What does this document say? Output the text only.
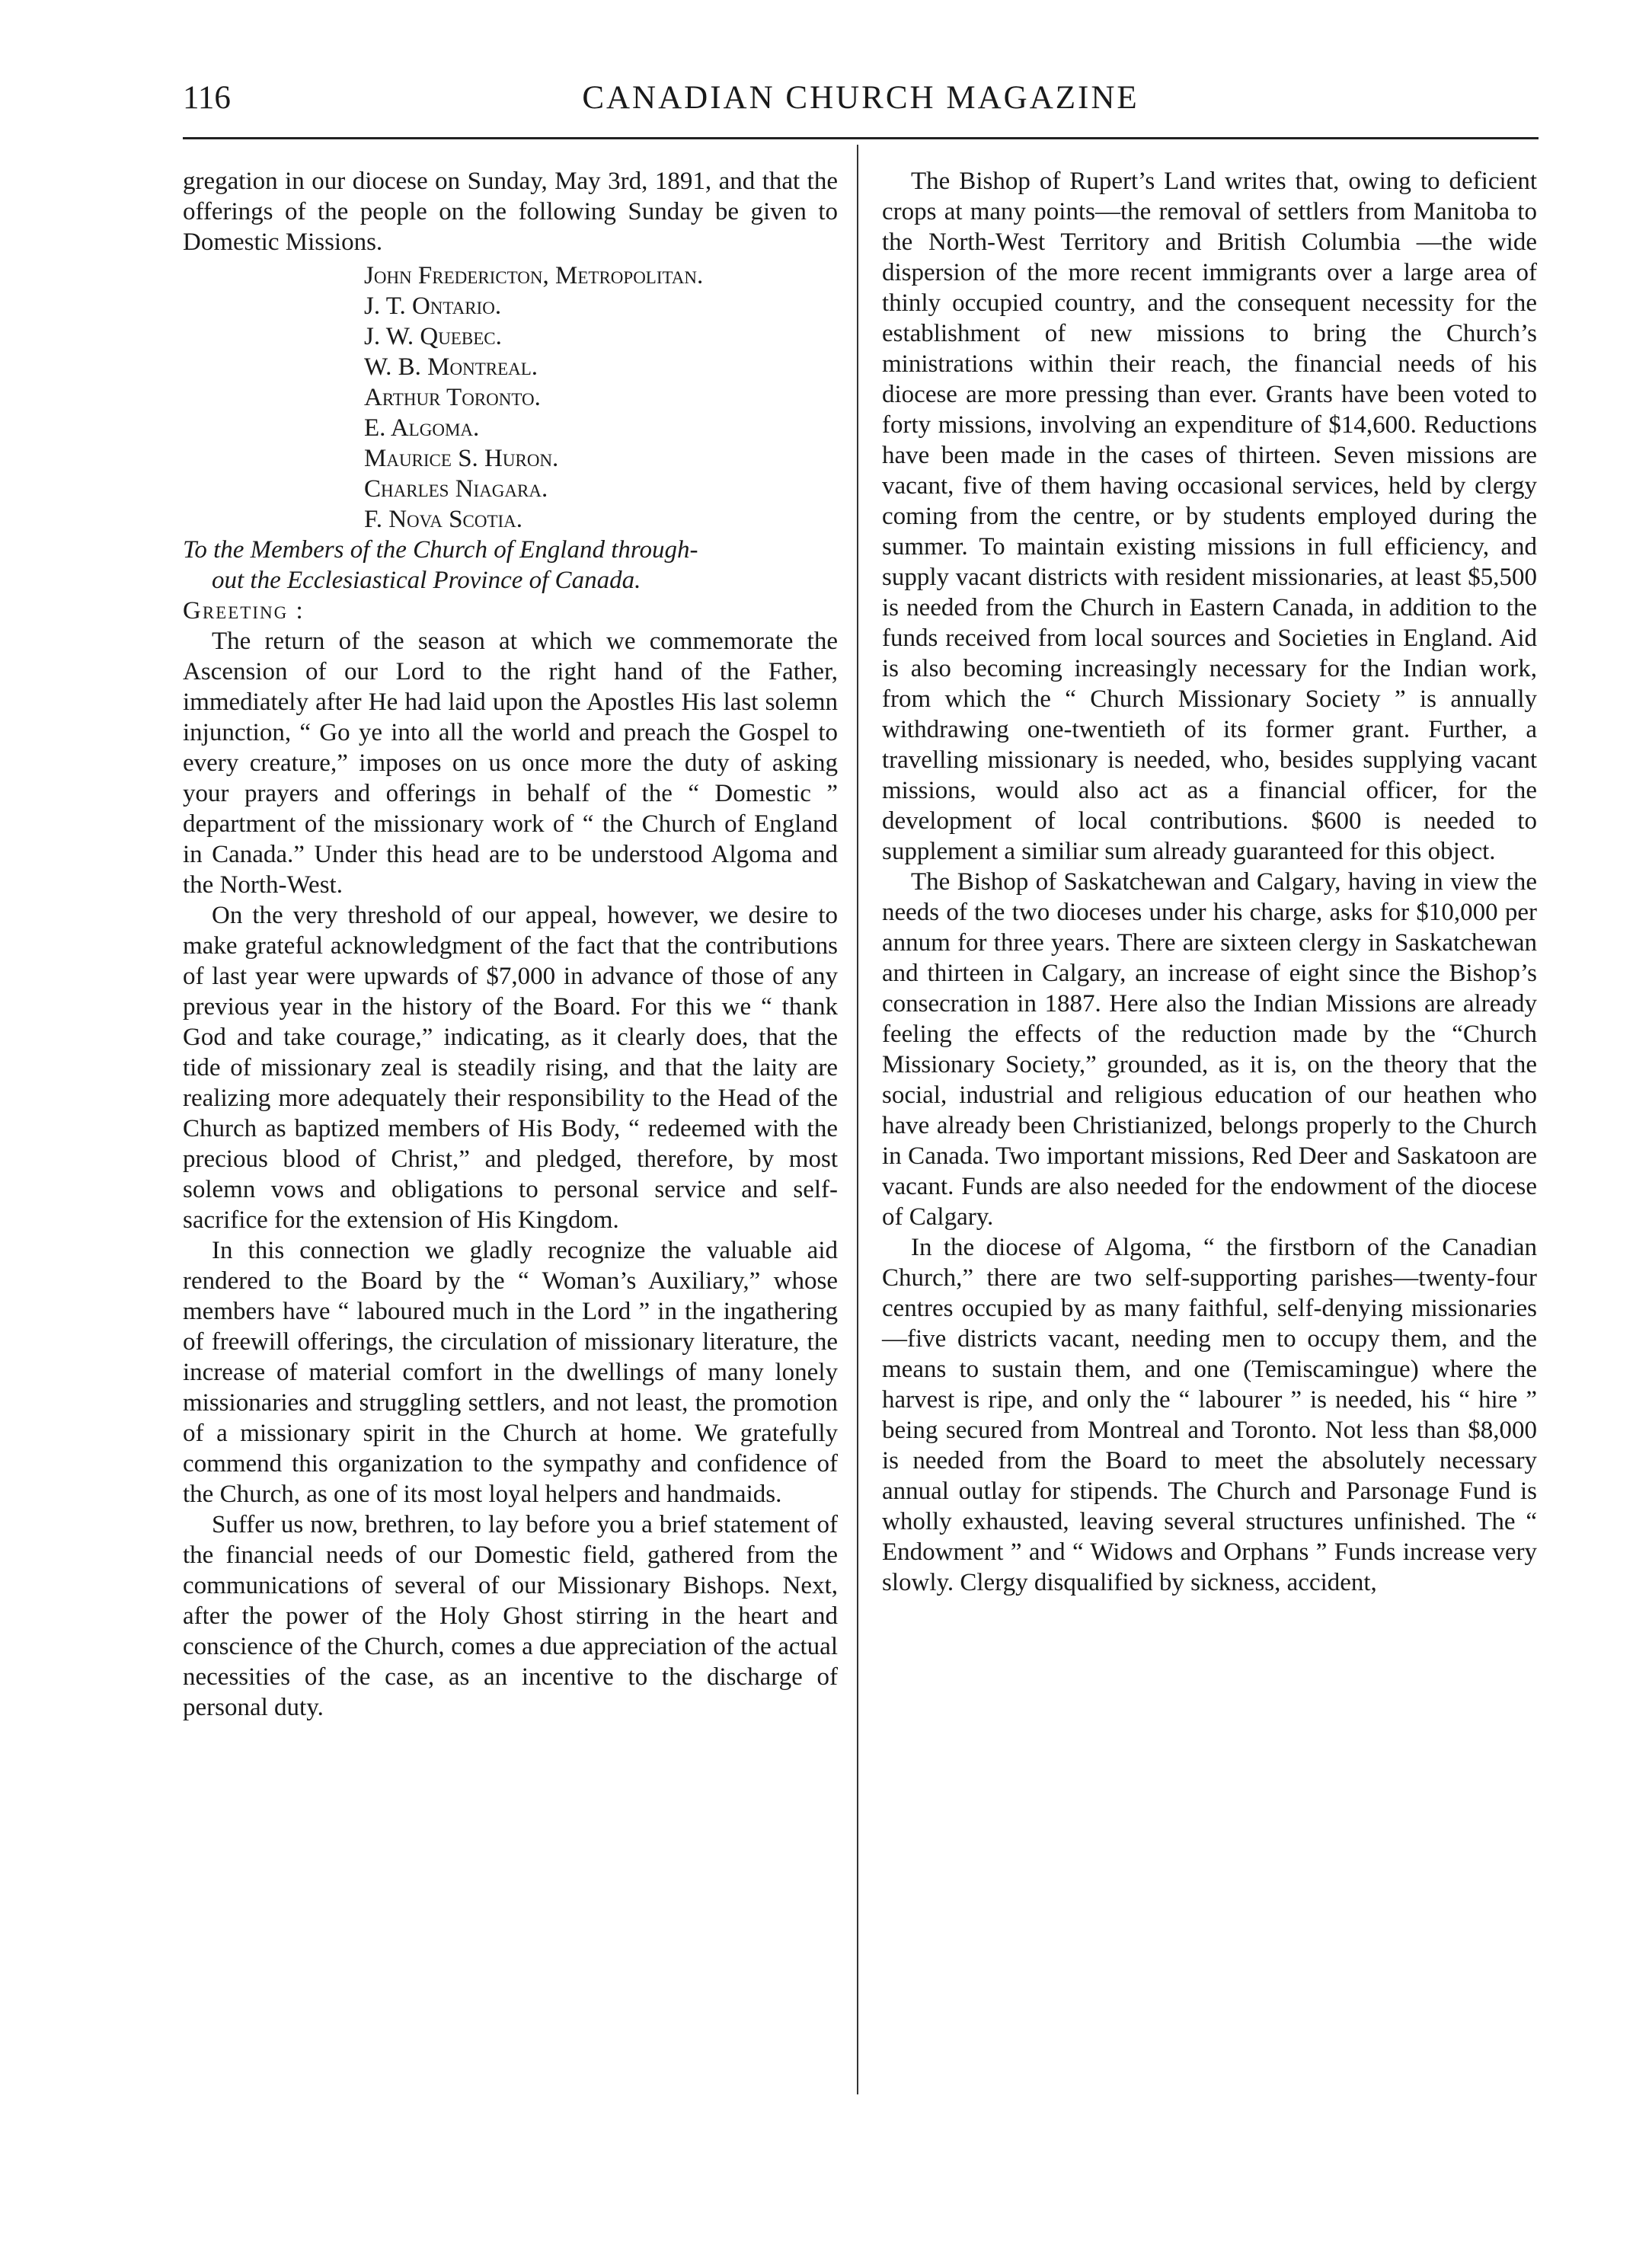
116	CANADIAN CHURCH MAGAZINE

gregation in our diocese on Sunday, May 3rd, 1891, and that the offerings of the people on the following Sunday be given to Domestic Missions.

John Fredericton, Metropolitan.
J. T. Ontario.
J. W. Quebec.
W. B. Montreal.
Arthur Toronto.
E. Algoma.
Maurice S. Huron.
Charles Niagara.
F. Nova Scotia.

To the Members of the Church of England through-
out the Ecclesiastical Province of Canada.

Greeting :

The return of the season at which we commemorate the Ascension of our Lord to the right hand of the Father, immediately after He had laid upon the Apostles His last solemn injunction, “ Go ye into all the world and preach the Gospel to every creature,” imposes on us once more the duty of asking your prayers and offerings in behalf of the “ Domestic ” department of the missionary work of “ the Church of England in Canada.” Under this head are to be understood Algoma and the North-West.

On the very threshold of our appeal, however, we desire to make grateful acknowledgment of the fact that the contributions of last year were upwards of $7,000 in advance of those of any previous year in the history of the Board. For this we “ thank God and take courage,” indicating, as it clearly does, that the tide of missionary zeal is steadily rising, and that the laity are realizing more adequately their responsibility to the Head of the Church as baptized members of His Body, “ redeemed with the precious blood of Christ,” and pledged, therefore, by most solemn vows and obligations to personal service and self-sacrifice for the extension of His Kingdom.

In this connection we gladly recognize the valuable aid rendered to the Board by the “ Woman’s Auxiliary,” whose members have “ laboured much in the Lord ” in the ingathering of freewill offerings, the circulation of missionary literature, the increase of material comfort in the dwellings of many lonely missionaries and struggling settlers, and not least, the promotion of a missionary spirit in the Church at home. We gratefully commend this organization to the sympathy and confidence of the Church, as one of its most loyal helpers and handmaids.

Suffer us now, brethren, to lay before you a brief statement of the financial needs of our Domestic field, gathered from the communications of several of our Missionary Bishops. Next, after the power of the Holy Ghost stirring in the heart and conscience of the Church, comes a due appreciation of the actual necessities of the case, as an incentive to the discharge of personal duty.

The Bishop of Rupert’s Land writes that, owing to deficient crops at many points—the removal of settlers from Manitoba to the North-West Territory and British Columbia —the wide dispersion of the more recent immigrants over a large area of thinly occupied country, and the consequent necessity for the establishment of new missions to bring the Church’s ministrations within their reach, the financial needs of his diocese are more pressing than ever. Grants have been voted to forty missions, involving an expenditure of $14,600. Reductions have been made in the cases of thirteen. Seven missions are vacant, five of them having occasional services, held by clergy coming from the centre, or by students employed during the summer. To maintain existing missions in full efficiency, and supply vacant districts with resident missionaries, at least $5,500 is needed from the Church in Eastern Canada, in addition to the funds received from local sources and Societies in England. Aid is also becoming increasingly necessary for the Indian work, from which the “ Church Missionary Society ” is annually withdrawing one-twentieth of its former grant. Further, a travelling missionary is needed, who, besides supplying vacant missions, would also act as a financial officer, for the development of local contributions. $600 is needed to supplement a similiar sum already guaranteed for this object.

The Bishop of Saskatchewan and Calgary, having in view the needs of the two dioceses under his charge, asks for $10,000 per annum for three years. There are sixteen clergy in Saskatchewan and thirteen in Calgary, an increase of eight since the Bishop’s consecration in 1887. Here also the Indian Missions are already feeling the effects of the reduction made by the “Church Missionary Society,” grounded, as it is, on the theory that the social, industrial and religious education of our heathen who have already been Christianized, belongs properly to the Church in Canada. Two important missions, Red Deer and Saskatoon are vacant. Funds are also needed for the endowment of the diocese of Calgary.

In the diocese of Algoma, “ the firstborn of the Canadian Church,” there are two self-supporting parishes—twenty-four centres occupied by as many faithful, self-denying missionaries—five districts vacant, needing men to occupy them, and the means to sustain them, and one (Temiscamingue) where the harvest is ripe, and only the “ labourer ” is needed, his “ hire ” being secured from Montreal and Toronto. Not less than $8,000 is needed from the Board to meet the absolutely necessary annual outlay for stipends. The Church and Parsonage Fund is wholly exhausted, leaving several structures unfinished. The “ Endowment ” and “ Widows and Orphans ” Funds increase very slowly. Clergy disqualified by sickness, accident,
